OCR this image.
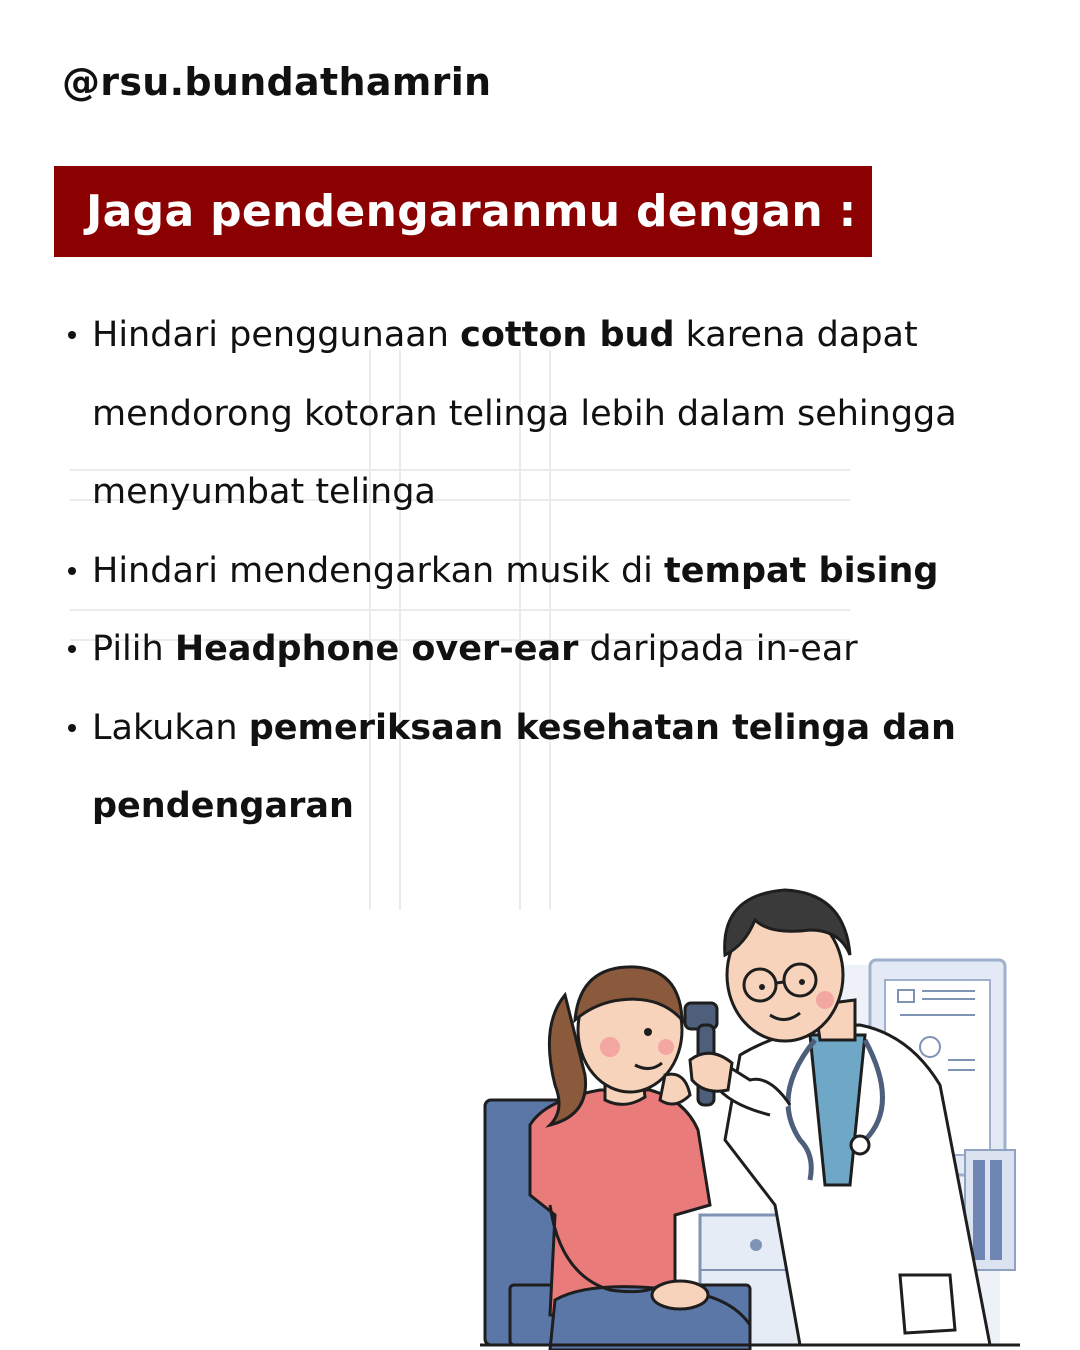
@rsu.bundathamrin
Jaga pendengaranmu dengan :
Hindari penggunaan cotton bud karena dapat mendorong kotoran telinga lebih dalam sehingga menyumbat telinga
Hindari mendengarkan musik di tempat bising
Pilih Headphone over-ear daripada in-ear
Lakukan pemeriksaan kesehatan telinga dan pendengaran
